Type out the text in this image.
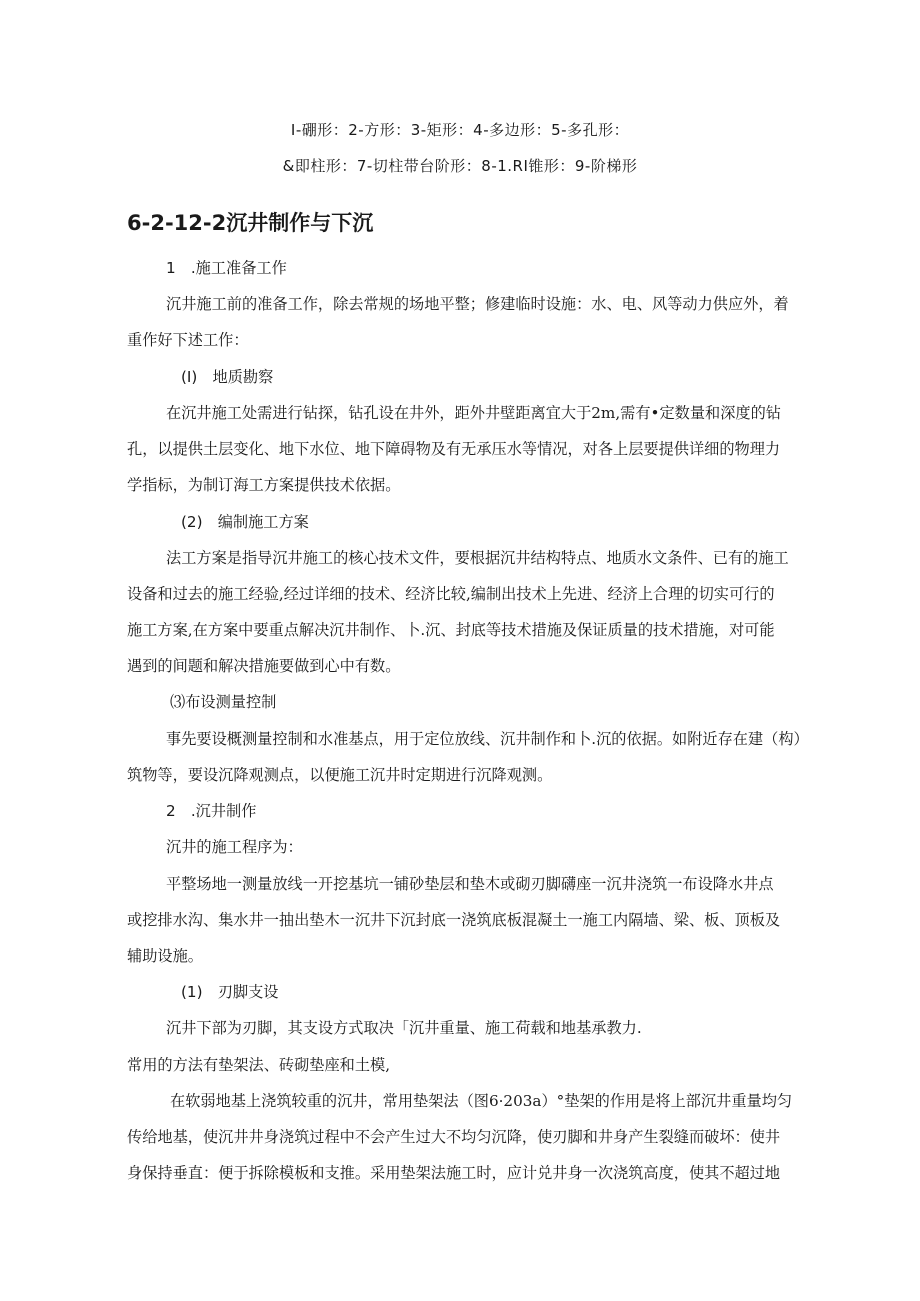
I-硼形：2-方形：3-矩形：4-多边形：5-多孔形：
&即柱形：7-切柱带台阶形：8-1.RI锥形：9-阶梯形
6-2-12-2沉井制作与下沉
1　.施工准备工作
沉井施工前的准备工作，除去常规的场地平整；修建临时设施：水、电、风等动力供应外，着
重作好下述工作：
(I)　地质勘察
在沉井施工处需进行钻探，钻孔设在井外，距外井壁距离宜大于2m,需有•定数量和深度的钻
孔，以提供土层变化、地下水位、地下障碍物及有无承压水等情况，对各上层要提供详细的物理力
学指标，为制订海工方案提供技术依据。
(2)　编制施工方案
法工方案是指导沉井施工的核心技术文件，要根据沉井结构特点、地质水文条件、已有的施工
设备和过去的施工经验,经过详细的技术、经济比较,编制出技术上先进、经济上合理的切实可行的
施工方案,在方案中要重点解决沉井制作、卜.沉、封底等技术措施及保证质量的技术措施，对可能
遇到的间题和解决措施要做到心中有数。
⑶布设测量控制
事先要设概测量控制和水准基点，用于定位放线、沉井制作和卜.沉的依据。如附近存在建（构）
筑物等，要设沉降观测点，以便施工沉井时定期进行沉降观测。
2　.沉井制作
沉井的施工程序为：
平整场地一测量放线一开挖基坑一铺砂垫层和垫木或砌刃脚礴座一沉井浇筑一布设降水井点
或挖排水沟、集水井一抽出垫木一沉井下沉封底一浇筑底板混凝土一施工内隔墙、梁、板、顶板及
辅助设施。
(1)　刃脚支设
沉井下部为刃脚，其支设方式取决「沉井重量、施工荷载和地基承教力.
常用的方法有垫架法、砖砌垫座和土模,
在软弱地基上浇筑较重的沉井，常用垫架法（图6·203a）°垫架的作用是将上部沉井重量均匀
传给地基，使沉井井身浇筑过程中不会产生过大不均匀沉降，使刃脚和井身产生裂缝而破坏：使井
身保持垂直：便于拆除模板和支推。采用垫架法施工时，应计兑井身一次浇筑高度，使其不超过地
